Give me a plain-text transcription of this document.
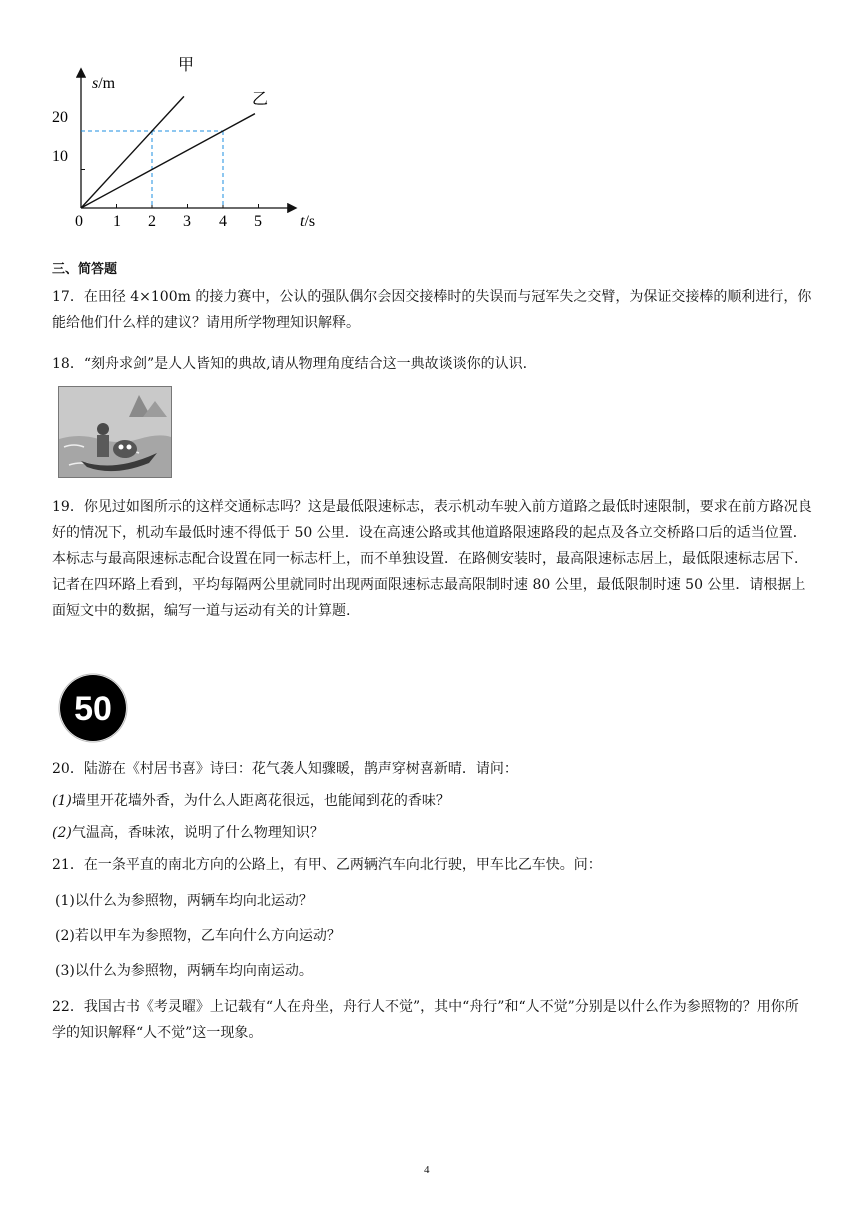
s/m
t/s
20
10
0 1 2 3 4 5
甲
乙
三、简答题
17．在田径 4×100m 的接力赛中，公认的强队偶尔会因交接棒时的失误而与冠军失之交臂，为保证交接棒的顺利进行，你能给他们什么样的建议？请用所学物理知识解释。
18．“刻舟求剑”是人人皆知的典故,请从物理角度结合这一典故谈谈你的认识.
19．你见过如图所示的这样交通标志吗？这是最低限速标志，表示机动车驶入前方道路之最低时速限制，要求在前方路况良好的情况下，机动车最低时速不得低于 50 公里．设在高速公路或其他道路限速路段的起点及各立交桥路口后的适当位置．本标志与最高限速标志配合设置在同一标志杆上，而不单独设置．在路侧安装时，最高限速标志居上，最低限速标志居下．记者在四环路上看到，平均每隔两公里就同时出现两面限速标志最高限制时速 80 公里，最低限制时速 50 公里．请根据上面短文中的数据，编写一道与运动有关的计算题.
50
20．陆游在《村居书喜》诗曰：花气袭人知骤暖，鹊声穿树喜新晴．请问：
(1)墙里开花墙外香，为什么人距离花很远，也能闻到花的香味？
(2)气温高，香味浓，说明了什么物理知识？
21．在一条平直的南北方向的公路上，有甲、乙两辆汽车向北行驶，甲车比乙车快。问：
(1)以什么为参照物，两辆车均向北运动？
(2)若以甲车为参照物，乙车向什么方向运动？
(3)以什么为参照物，两辆车均向南运动。
22．我国古书《考灵曜》上记载有“人在舟坐，舟行人不觉”，其中“舟行”和“人不觉”分别是以什么作为参照物的？用你所学的知识解释“人不觉”这一现象。
4
